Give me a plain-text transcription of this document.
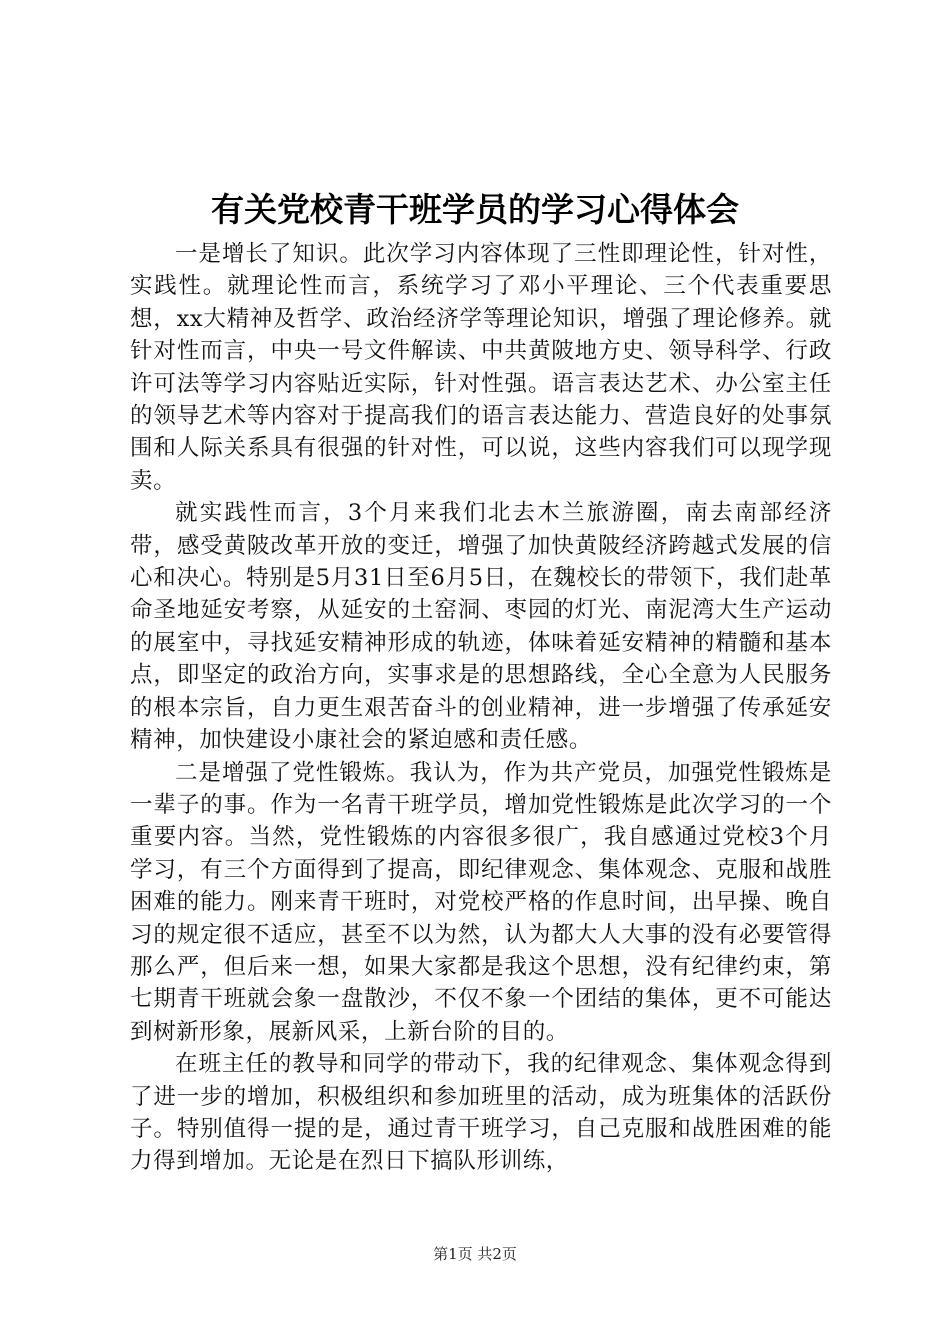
有关党校青干班学员的学习心得体会

一是增长了知识。此次学习内容体现了三性即理论性，针对性，实践性。就理论性而言，系统学习了邓小平理论、三个代表重要思想，xx大精神及哲学、政治经济学等理论知识，增强了理论修养。就针对性而言，中央一号文件解读、中共黄陂地方史、领导科学、行政许可法等学习内容贴近实际，针对性强。语言表达艺术、办公室主任的领导艺术等内容对于提高我们的语言表达能力、营造良好的处事氛围和人际关系具有很强的针对性，可以说，这些内容我们可以现学现卖。

就实践性而言，3个月来我们北去木兰旅游圈，南去南部经济带，感受黄陂改革开放的变迁，增强了加快黄陂经济跨越式发展的信心和决心。特别是5月31日至6月5日，在魏校长的带领下，我们赴革命圣地延安考察，从延安的土窑洞、枣园的灯光、南泥湾大生产运动的展室中，寻找延安精神形成的轨迹，体味着延安精神的精髓和基本点，即坚定的政治方向，实事求是的思想路线，全心全意为人民服务的根本宗旨，自力更生艰苦奋斗的创业精神，进一步增强了传承延安精神，加快建设小康社会的紧迫感和责任感。

二是增强了党性锻炼。我认为，作为共产党员，加强党性锻炼是一辈子的事。作为一名青干班学员，增加党性锻炼是此次学习的一个重要内容。当然，党性锻炼的内容很多很广，我自感通过党校3个月学习，有三个方面得到了提高，即纪律观念、集体观念、克服和战胜困难的能力。刚来青干班时，对党校严格的作息时间，出早操、晚自习的规定很不适应，甚至不以为然，认为都大人大事的没有必要管得那么严，但后来一想，如果大家都是我这个思想，没有纪律约束，第七期青干班就会象一盘散沙，不仅不象一个团结的集体，更不可能达到树新形象，展新风采，上新台阶的目的。

在班主任的教导和同学的带动下，我的纪律观念、集体观念得到了进一步的增加，积极组织和参加班里的活动，成为班集体的活跃份子。特别值得一提的是，通过青干班学习，自己克服和战胜困难的能力得到增加。无论是在烈日下搞队形训练，

第1页 共2页
